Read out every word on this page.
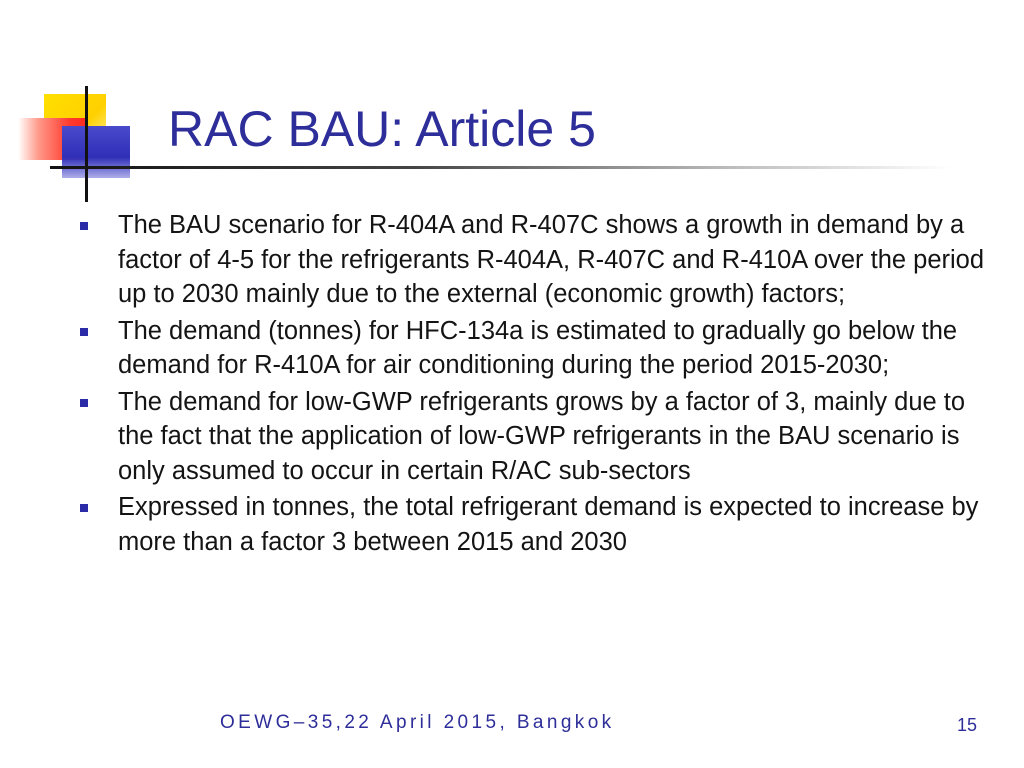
RAC BAU: Article 5
The BAU scenario for R-404A and R-407C shows a growth in demand by a factor of 4-5 for the refrigerants R-404A, R-407C and R-410A over the period up to 2030 mainly due to the external (economic growth) factors;
The demand (tonnes) for HFC-134a is estimated to gradually go below the demand for R-410A for air conditioning during the period 2015-2030;
The demand for low-GWP refrigerants grows by a factor of 3, mainly due to the fact that the application of low-GWP refrigerants in the BAU scenario is only assumed to occur in certain R/AC sub-sectors
Expressed in tonnes, the total refrigerant demand is expected to increase by more than a factor 3 between 2015 and 2030
OEWG–35,22 April 2015, Bangkok	15
